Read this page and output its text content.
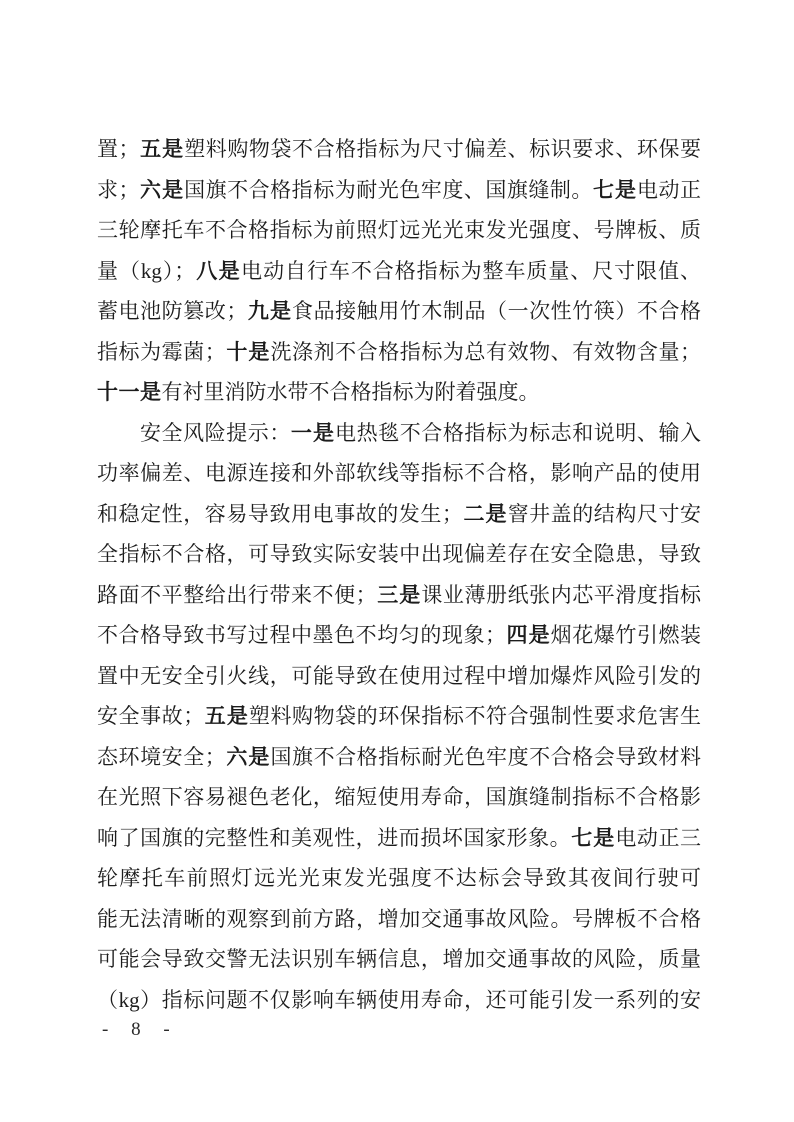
置；五是塑料购物袋不合格指标为尺寸偏差、标识要求、环保要
求；六是国旗不合格指标为耐光色牢度、国旗缝制。七是电动正
三轮摩托车不合格指标为前照灯远光光束发光强度、号牌板、质
量（kg）；八是电动自行车不合格指标为整车质量、尺寸限值、
蓄电池防篡改；九是食品接触用竹木制品（一次性竹筷）不合格
指标为霉菌；十是洗涤剂不合格指标为总有效物、有效物含量；
十一是有衬里消防水带不合格指标为附着强度。
安全风险提示：一是电热毯不合格指标为标志和说明、输入
功率偏差、电源连接和外部软线等指标不合格，影响产品的使用
和稳定性，容易导致用电事故的发生；二是窨井盖的结构尺寸安
全指标不合格，可导致实际安装中出现偏差存在安全隐患，导致
路面不平整给出行带来不便；三是课业薄册纸张内芯平滑度指标
不合格导致书写过程中墨色不均匀的现象；四是烟花爆竹引燃装
置中无安全引火线，可能导致在使用过程中增加爆炸风险引发的
安全事故；五是塑料购物袋的环保指标不符合强制性要求危害生
态环境安全；六是国旗不合格指标耐光色牢度不合格会导致材料
在光照下容易褪色老化，缩短使用寿命，国旗缝制指标不合格影
响了国旗的完整性和美观性，进而损坏国家形象。七是电动正三
轮摩托车前照灯远光光束发光强度不达标会导致其夜间行驶可
能无法清晰的观察到前方路，增加交通事故风险。号牌板不合格
可能会导致交警无法识别车辆信息，增加交通事故的风险，质量
（kg）指标问题不仅影响车辆使用寿命，还可能引发一系列的安
- 8 -
